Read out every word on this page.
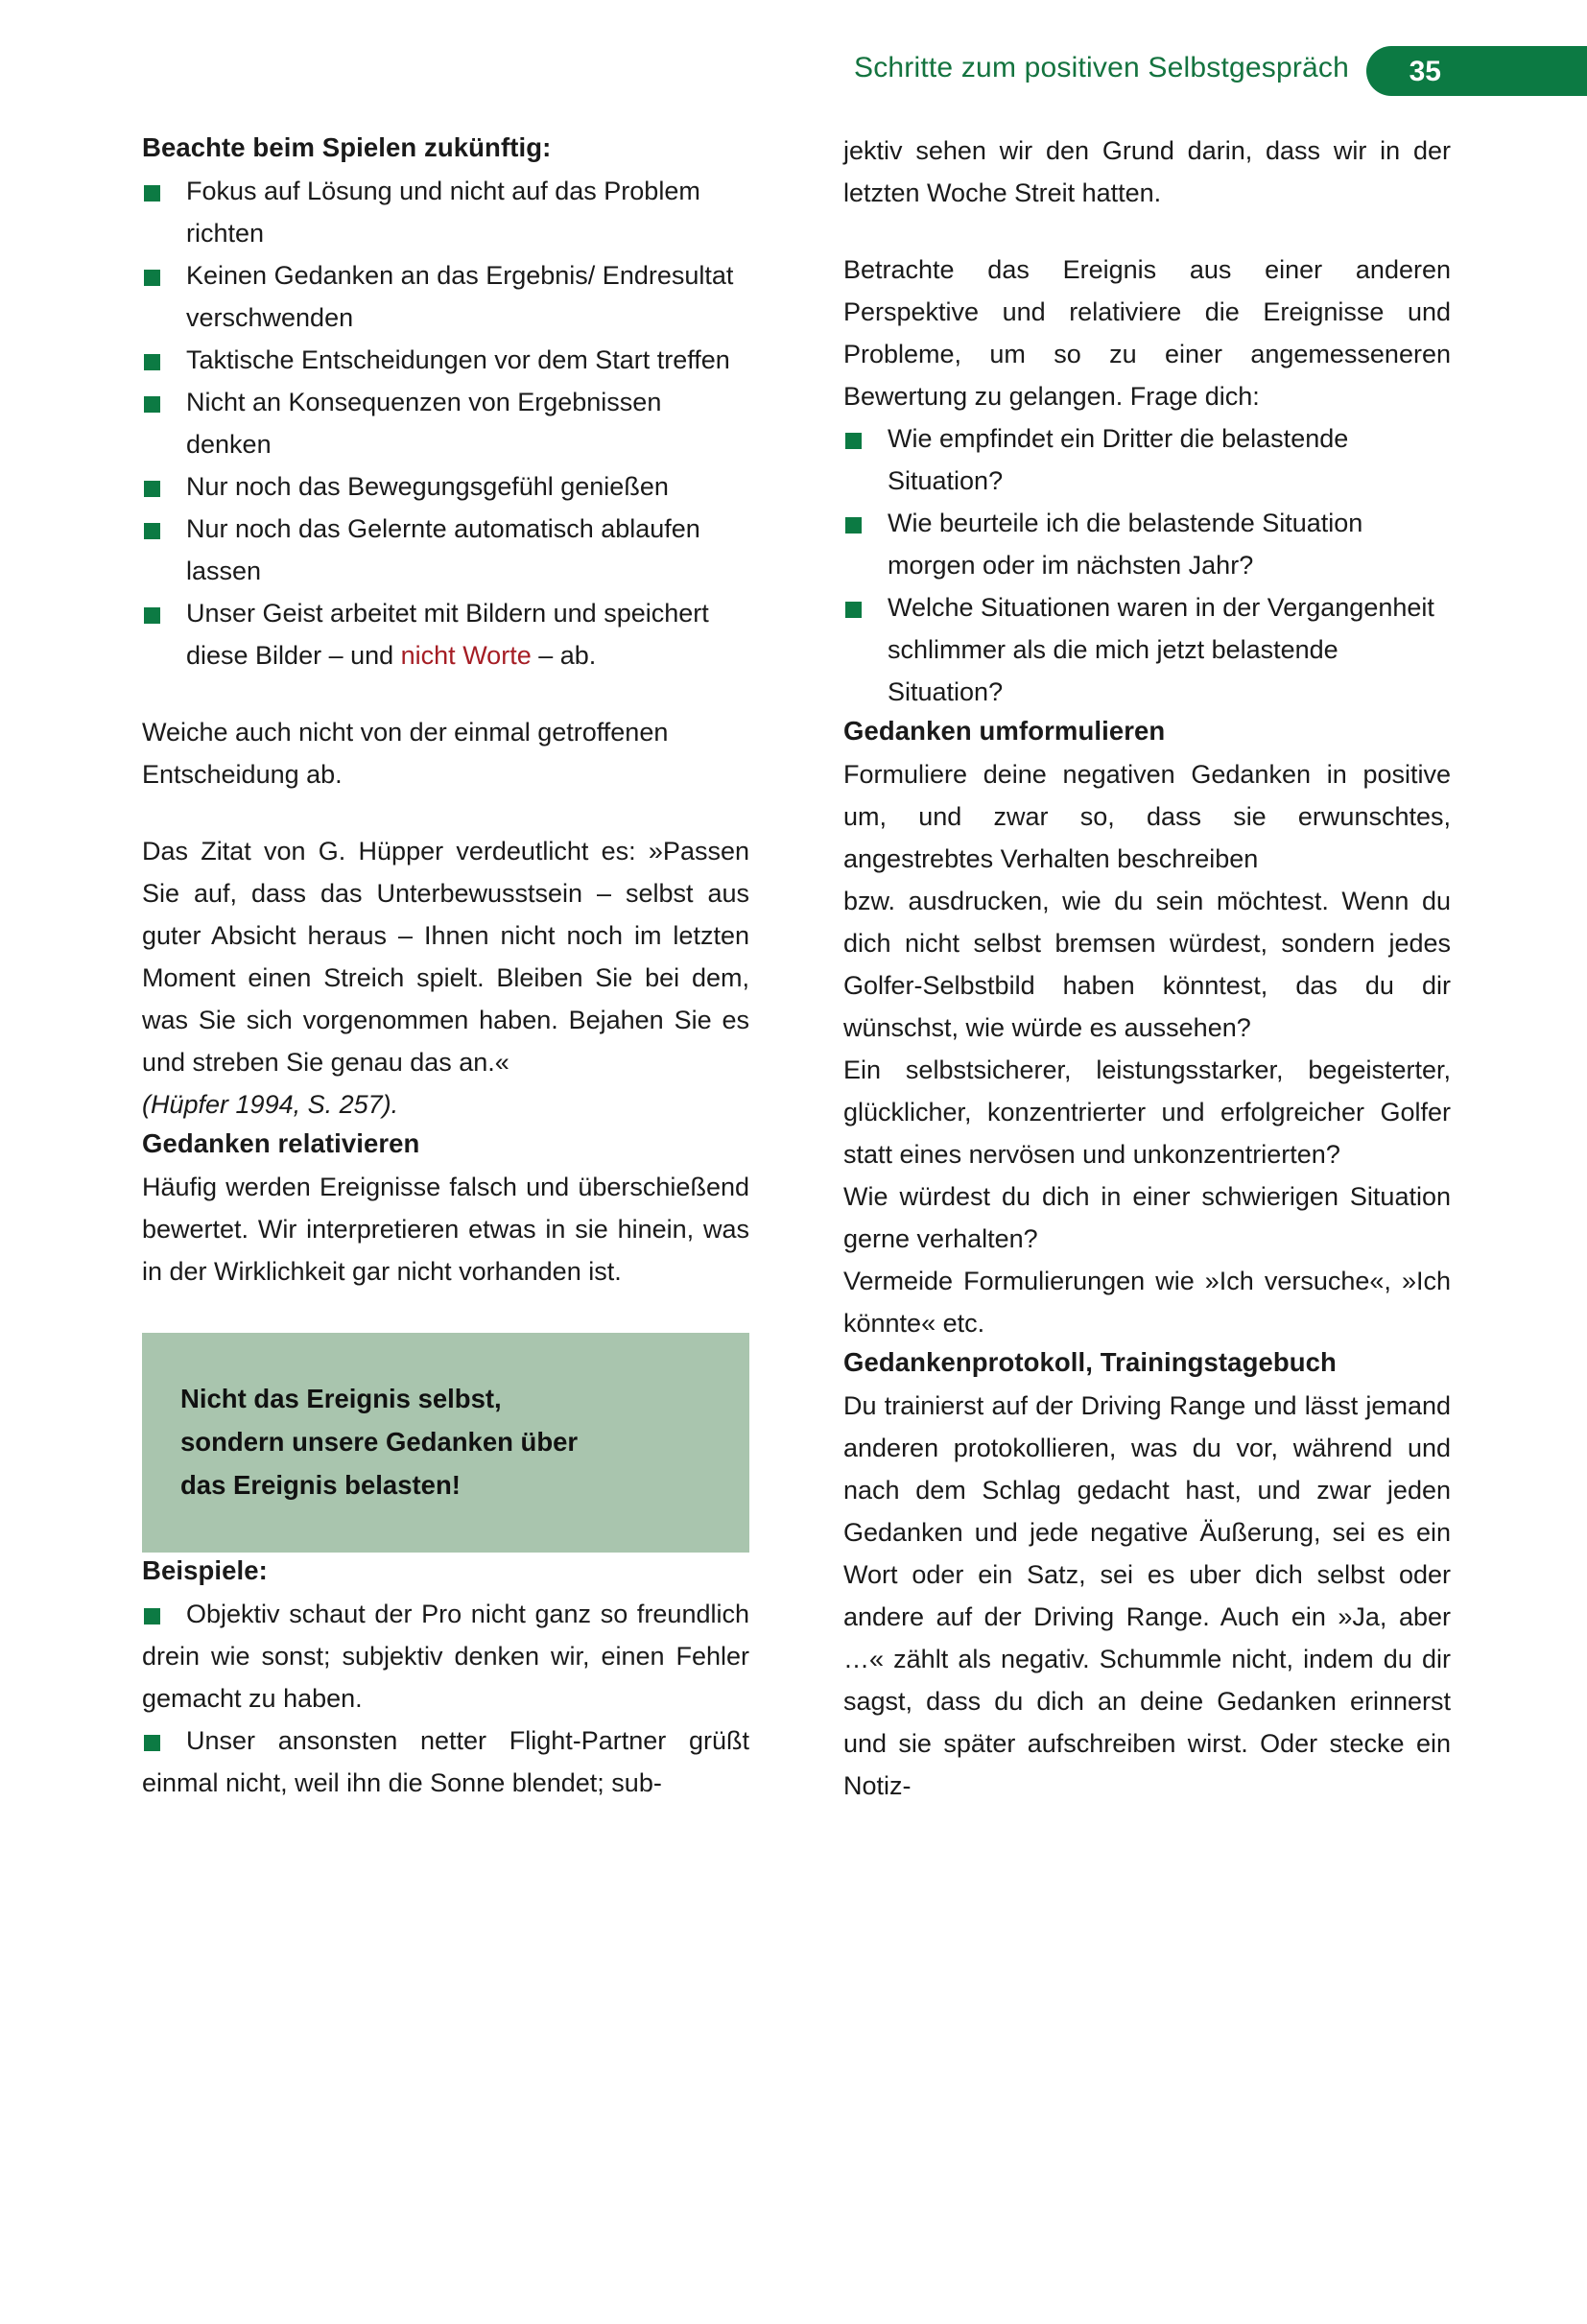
Schritte zum positiven Selbstgespräch 35
Beachte beim Spielen zukünftig:
Fokus auf Lösung und nicht auf das Problem richten
Keinen Gedanken an das Ergebnis/ Endresultat verschwenden
Taktische Entscheidungen vor dem Start treffen
Nicht an Konsequenzen von Ergebnissen denken
Nur noch das Bewegungsgefühl genießen
Nur noch das Gelernte automatisch ablaufen lassen
Unser Geist arbeitet mit Bildern und speichert diese Bilder – und nicht Worte – ab.

Weiche auch nicht von der einmal getroffenen Entscheidung ab.

Das Zitat von G. Hüpper verdeutlicht es: »Passen Sie auf, dass das Unterbewusstsein – selbst aus guter Absicht heraus – Ihnen nicht noch im letzten Moment einen Streich spielt. Bleiben Sie bei dem, was Sie sich vorgenommen haben. Bejahen Sie es und streben Sie genau das an.«

(Hüpfer 1994, S. 257).

Gedanken relativieren

Häufig werden Ereignisse falsch und überschießend bewertet. Wir interpretieren etwas in sie hinein, was in der Wirklichkeit gar nicht vorhanden ist.

Nicht das Ereignis selbst,

sondern unsere Gedanken über

das Ereignis belasten!

Beispiele:
Objektiv schaut der Pro nicht ganz so freundlich drein wie sonst; subjektiv denken wir, einen Fehler gemacht zu haben.
Unser ansonsten netter Flight-Partner grüßt einmal nicht, weil ihn die Sonne blendet; sub-

jektiv sehen wir den Grund darin, dass wir in der letzten Woche Streit hatten.

Betrachte das Ereignis aus einer anderen Perspektive und relativiere die Ereignisse und Probleme, um so zu einer angemesseneren Bewertung zu gelangen. Frage dich:

Wie empfindet ein Dritter die belastende Situation?
Wie beurteile ich die belastende Situation morgen oder im nächsten Jahr?
Welche Situationen waren in der Vergangenheit schlimmer als die mich jetzt belastende Situation?
Gedanken umformulieren

Formuliere deine negativen Gedanken in positive um, und zwar so, dass sie erwunschtes, angestrebtes Verhalten beschreiben

bzw. ausdrucken, wie du sein möchtest. Wenn du dich nicht selbst bremsen würdest, sondern jedes Golfer-Selbstbild haben könntest, das du dir wünschst, wie würde es aussehen?

Ein selbstsicherer, leistungsstarker, begeisterter, glücklicher, konzentrierter und erfolgreicher Golfer statt eines nervösen und unkonzentrierten?

Wie würdest du dich in einer schwierigen Situation gerne verhalten?

Vermeide Formulierungen wie »Ich versuche«, »Ich könnte« etc.

Gedankenprotokoll, Trainingstagebuch

Du trainierst auf der Driving Range und lässt jemand anderen protokollieren, was du vor, während und nach dem Schlag gedacht hast, und zwar jeden Gedanken und jede negative Äußerung, sei es ein Wort oder ein Satz, sei es uber dich selbst oder andere auf der Driving Range. Auch ein »Ja, aber …« zählt als negativ. Schummle nicht, indem du dir sagst, dass du dich an deine Gedanken erinnerst und sie später aufschreiben wirst. Oder stecke ein Notiz-
